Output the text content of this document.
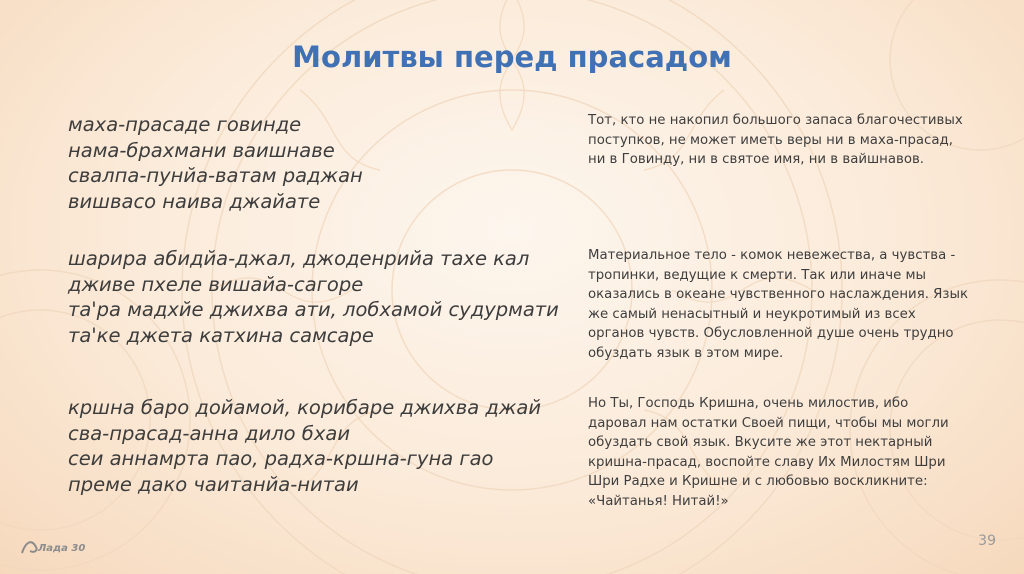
Молитвы перед прасадом
маха-прасаде говинде
нама-брахмани ваишнаве
свалпа-пунйа-ватам раджан
вишвасо наива джайате
Тот, кто не накопил большого запаса благочестивых поступков, не может иметь веры ни в маха-прасад, ни в Говинду, ни в святое имя, ни в вайшнавов.
шарира абидйа-джал, джоденрийа тахе кал
дживе пхеле вишайа-сагоре
та'ра мадхйе джихва ати, лобхамой судурмати
та'ке джета катхина самсаре
Материальное тело - комок невежества, а чувства - тропинки, ведущие к смерти. Так или иначе мы оказались в океане чувственного наслаждения. Язык же самый ненасытный и неукротимый из всех органов чувств. Обусловленной душе очень трудно обуздать язык в этом мире.
кршна баро дойамой, корибаре джихва джай
сва-прасад-анна дило бхаи
сеи аннамрта пао, радха-кршна-гуна гао
преме дако чаитанйа-нитаи
Но Ты, Господь Кришна, очень милостив, ибо даровал нам остатки Своей пищи, чтобы мы могли обуздать свой язык. Вкусите же этот нектарный кришна-прасад, воспойте славу Их Милостям Шри Шри Радхе и Кришне и с любовью воскликните: «Чайтанья! Нитай!»
Лада 30	39
